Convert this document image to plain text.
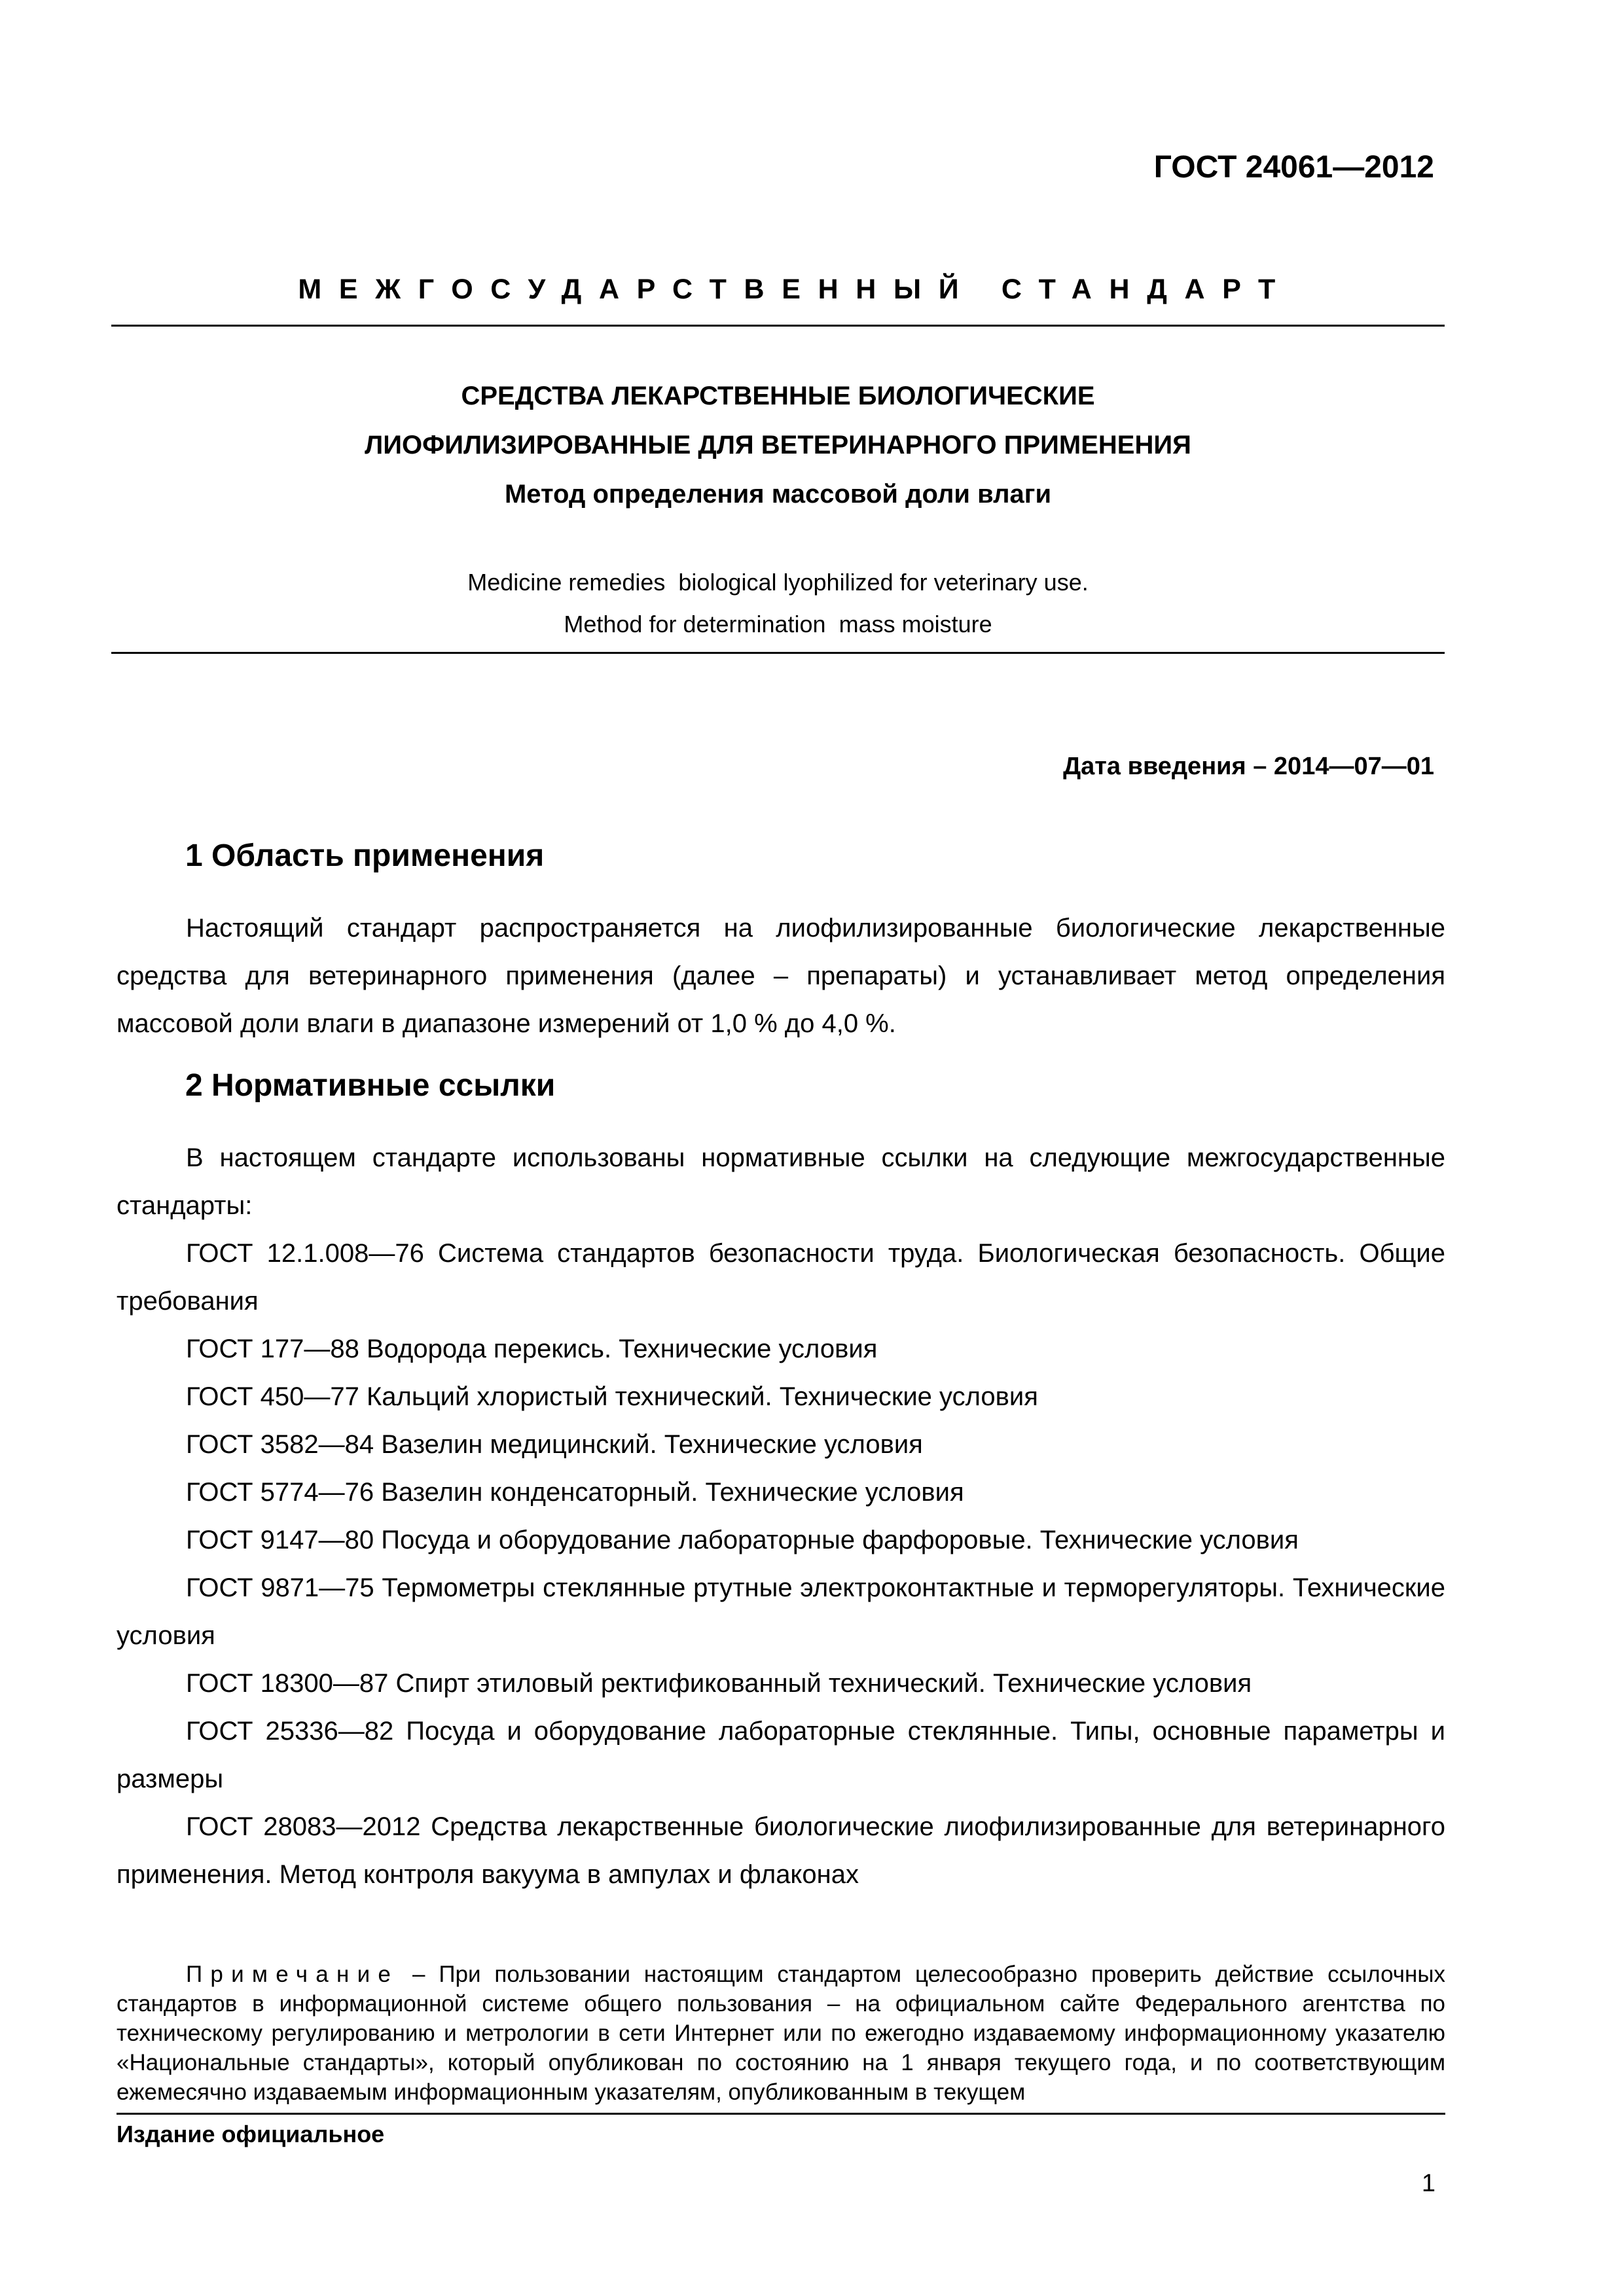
ГОСТ 24061—2012

МЕЖГОСУДАРСТВЕННЫЙ СТАНДАРТ

СРЕДСТВА ЛЕКАРСТВЕННЫЕ БИОЛОГИЧЕСКИЕ
ЛИОФИЛИЗИРОВАННЫЕ ДЛЯ ВЕТЕРИНАРНОГО ПРИМЕНЕНИЯ
Метод определения массовой доли влаги
Medicine remedies  biological lyophilized for veterinary use.
Method for determination  mass moisture
Дата введения – 2014—07—01
1 Область применения
Настоящий стандарт распространяется на лиофилизированные биологические лекарственные средства для ветеринарного применения (далее – препараты) и устанавливает метод определения массовой доли влаги в диапазоне измерений от 1,0 % до 4,0 %.
2 Нормативные ссылки
В настоящем стандарте использованы нормативные ссылки на следующие межгосударственные стандарты:
ГОСТ 12.1.008—76 Система стандартов безопасности труда. Биологическая безопасность. Общие требования
ГОСТ 177—88 Водорода перекись. Технические условия
ГОСТ 450—77 Кальций хлористый технический. Технические условия
ГОСТ 3582—84 Вазелин медицинский. Технические условия
ГОСТ 5774—76 Вазелин конденсаторный. Технические условия
ГОСТ 9147—80 Посуда и оборудование лабораторные фарфоровые. Технические условия
ГОСТ 9871—75 Термометры стеклянные ртутные электроконтактные и терморегуляторы. Технические условия
ГОСТ 18300—87 Спирт этиловый ректификованный технический. Технические условия
ГОСТ 25336—82 Посуда и оборудование лабораторные стеклянные. Типы, основные параметры и размеры
ГОСТ 28083—2012 Средства лекарственные биологические лиофилизированные для ветеринарного применения. Метод контроля вакуума в ампулах и флаконах

Примечание – При пользовании настоящим стандартом целесообразно проверить действие ссылочных стандартов в информационной системе общего пользования – на официальном сайте Федерального агентства по техническому регулированию и метрологии в сети Интернет или по ежегодно издаваемому информационному указателю «Национальные стандарты», который опубликован по состоянию на 1 января текущего года, и по соответствующим ежемесячно издаваемым информационным указателям, опубликованным в текущем

Издание официальное
1
